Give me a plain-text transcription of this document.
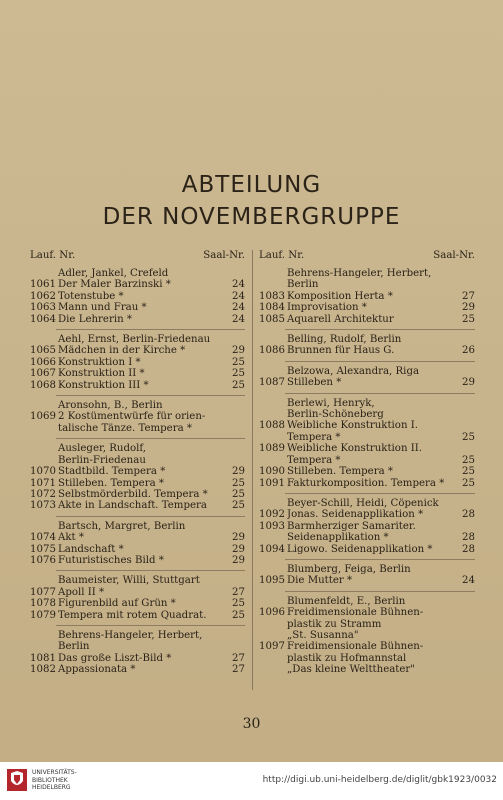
ABTEILUNG
DER NOVEMBERGRUPPE
Lauf. Nr.	Saal-Nr.
Adler, Jankel, Crefeld
1061 Der Maler Barzinski *	24
1062 Totenstube *	24
1063 Mann und Frau *	24
1064 Die Lehrerin *	24
Aehl, Ernst, Berlin-Friedenau
1065 Mädchen in der Kirche *	29
1066 Konstruktion I *	25
1067 Konstruktion II *	25
1068 Konstruktion III *	25
Aronsohn, B., Berlin
1069 2 Kostümentwürfe für orien-
talische Tänze. Tempera *
Ausleger, Rudolf,
Berlin-Friedenau
1070 Stadtbild. Tempera *	29
1071 Stilleben. Tempera *	25
1072 Selbstmörderbild. Tempera *	25
1073 Akte in Landschaft. Tempera	25
Bartsch, Margret, Berlin
1074 Akt *	29
1075 Landschaft *	29
1076 Futuristisches Bild *	29
Baumeister, Willi, Stuttgart
1077 Apoll II *	27
1078 Figurenbild auf Grün *	25
1079 Tempera mit rotem Quadrat.	25
Behrens-Hangeler, Herbert,
Berlin
1081 Das große Liszt-Bild *	27
1082 Appassionata *	27
Lauf. Nr.	Saal-Nr.
Behrens-Hangeler, Herbert,
Berlin
1083 Komposition Herta *	27
1084 Improvisation *	29
1085 Aquarell Architektur	25
Belling, Rudolf, Berlin
1086 Brunnen für Haus G.	26
Belzowa, Alexandra, Riga
1087 Stilleben *	29
Berlewi, Henryk,
Berlin-Schöneberg
1088 Weibliche Konstruktion I.
Tempera *	25
1089 Weibliche Konstruktion II.
Tempera *	25
1090 Stilleben. Tempera *	25
1091 Fakturkomposition. Tempera *	25
Beyer-Schill, Heidi, Cöpenick
1092 Jonas. Seidenapplikation *	28
1093 Barmherziger Samariter.
Seidenapplikation *	28
1094 Ligowo. Seidenapplikation *	28
Blumberg, Feiga, Berlin
1095 Die Mutter *	24
Blumenfeldt, E., Berlin
1096 Freidimensionale Bühnen-
plastik zu Stramm
„St. Susanna"
1097 Freidimensionale Bühnen-
plastik zu Hofmannstal
„Das kleine Welttheater"
30
UNIVERSITÄTS-
BIBLIOTHEK
HEIDELBERG
http://digi.ub.uni-heidelberg.de/diglit/gbk1923/0032
